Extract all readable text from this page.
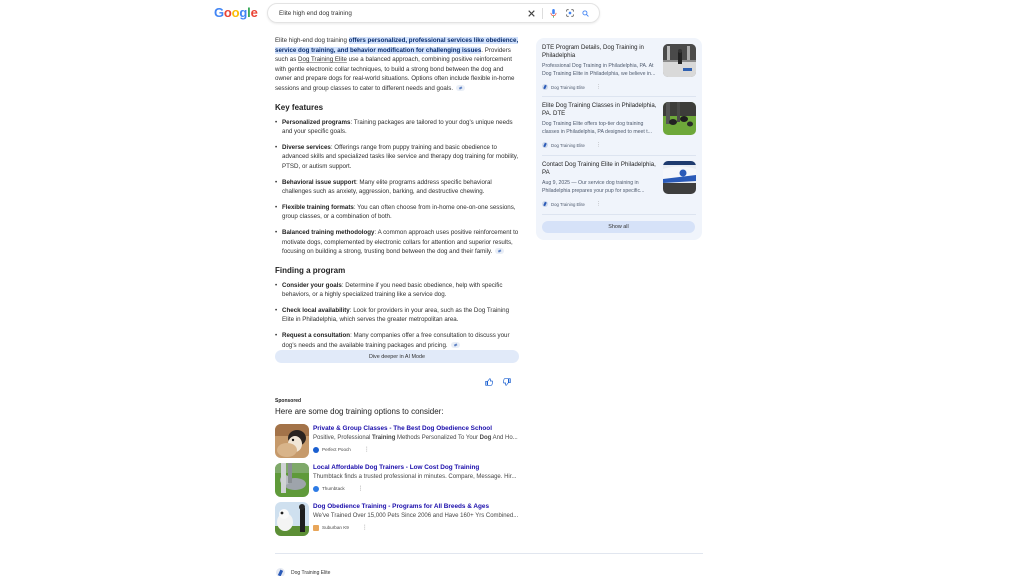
Google	Elite high end dog training

Elite high-end dog training offers personalized, professional services like obedience, service dog training, and behavior modification for challenging issues. Providers such as Dog Training Elite use a balanced approach, combining positive reinforcement with gentle electronic collar techniques, to build a strong bond between the dog and owner and prepare dogs for real-world situations. Options often include flexible in-home sessions and group classes to cater to different needs and goals.

Key features
• Personalized programs: Training packages are tailored to your dog's unique needs and your specific goals.
• Diverse services: Offerings range from puppy training and basic obedience to advanced skills and specialized tasks like service and therapy dog training for mobility, PTSD, or autism support.
• Behavioral issue support: Many elite programs address specific behavioral challenges such as anxiety, aggression, barking, and destructive chewing.
• Flexible training formats: You can often choose from in-home one-on-one sessions, group classes, or a combination of both.
• Balanced training methodology: A common approach uses positive reinforcement to motivate dogs, complemented by electronic collars for attention and superior results, focusing on building a strong, trusting bond between the dog and their family.
Finding a program
• Consider your goals: Determine if you need basic obedience, help with specific behaviors, or a highly specialized training like a service dog.
• Check local availability: Look for providers in your area, such as the Dog Training Elite in Philadelphia, which serves the greater metropolitan area.
• Request a consultation: Many companies offer a free consultation to discuss your dog's needs and the available training packages and pricing.
Dive deeper in AI Mode
Sponsored
Here are some dog training options to consider:
Private & Group Classes - The Best Dog Obedience School
Positive, Professional Training Methods Personalized To Your Dog And Ho...
Perfect Pooch ⋮
Local Affordable Dog Trainers - Low Cost Dog Training
Thumbtack finds a trusted professional in minutes. Compare, Message. Hir...
Thumbtack ⋮
Dog Obedience Training - Programs for All Breeds & Ages
We've Trained Over 15,000 Pets Since 2006 and Have 160+ Yrs Combined...
Suburban K9 ⋮
Dog Training Elite
DTE Program Details, Dog Training in Philadelphia
Professional Dog Training in Philadelphia, PA. At Dog Training Elite in Philadelphia, we believe in...
Dog Training Elite ⋮
Elite Dog Training Classes in Philadelphia, PA. DTE
Dog Training Elite offers top-tier dog training classes in Philadelphia, PA designed to meet t...
Dog Training Elite ⋮
Contact Dog Training Elite in Philadelphia, PA
Aug 9, 2025 — Our service dog training in Philadelphia prepares your pup for specific...
Dog Training Elite ⋮
Show all
